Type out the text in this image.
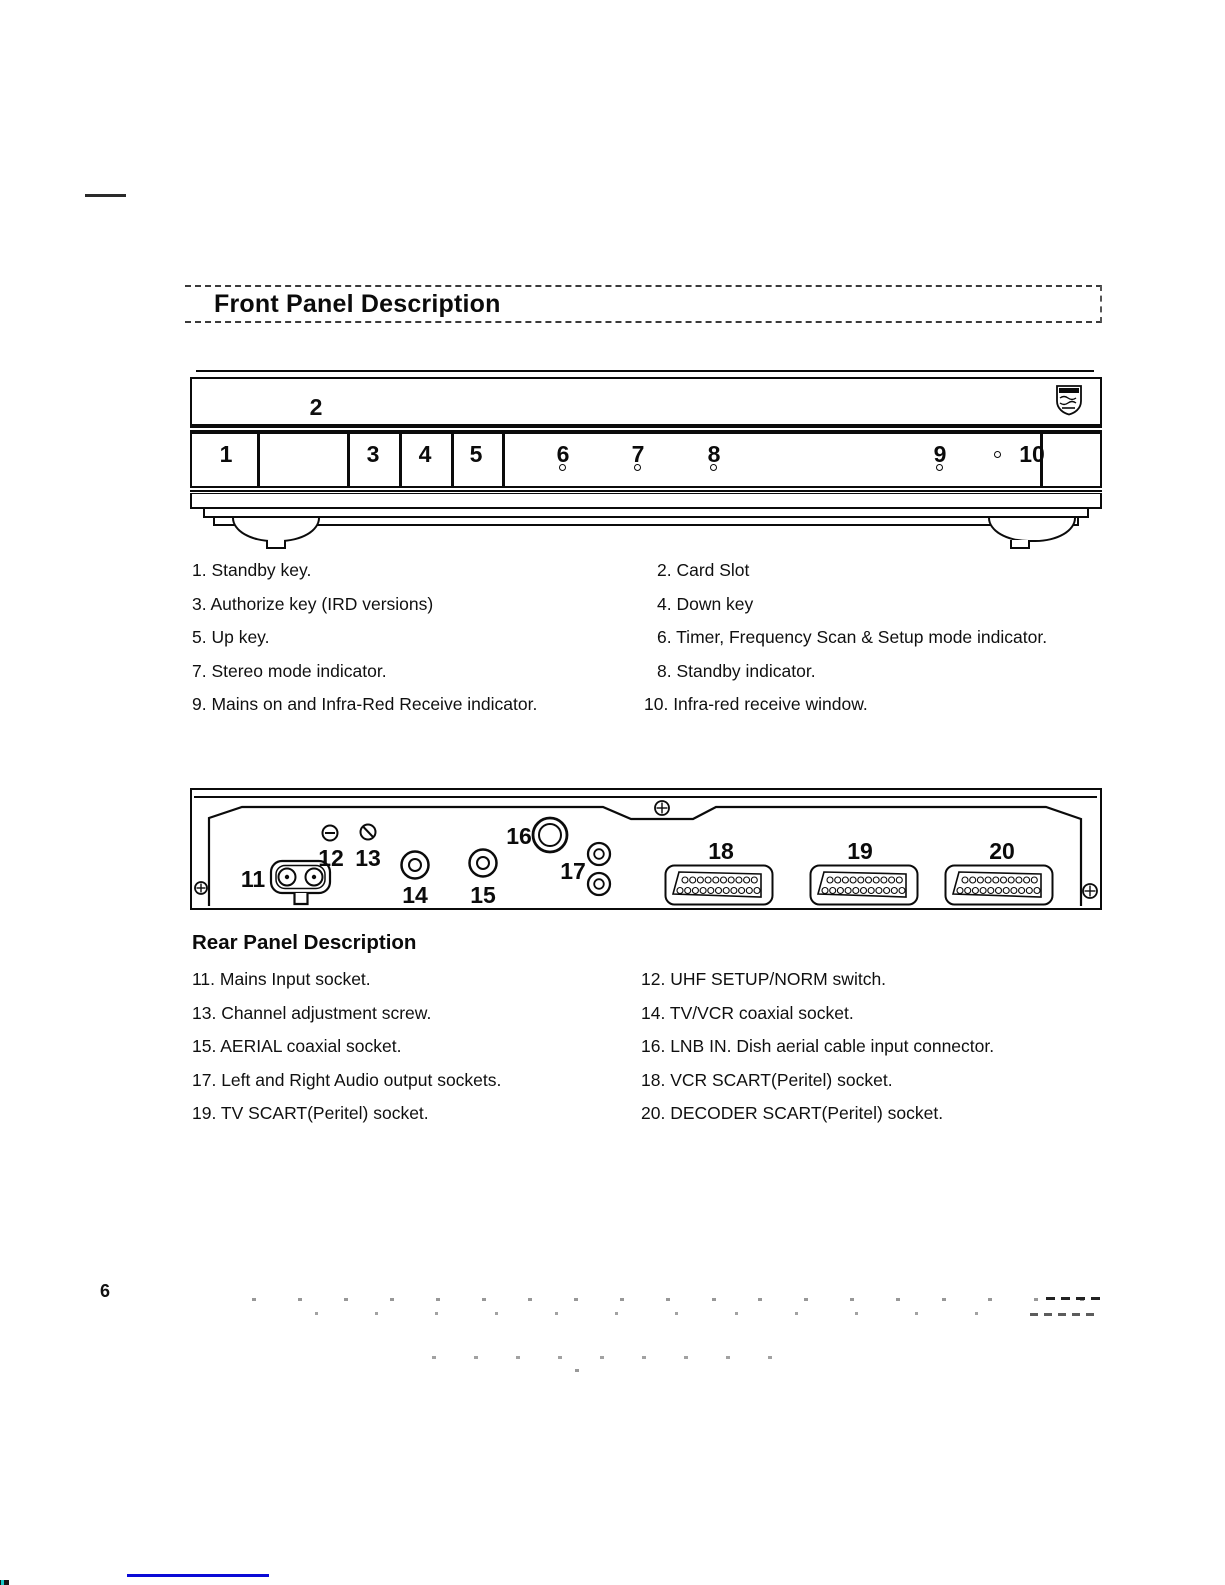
Front Panel Description
2
1	3	4	5	6	7	8	9	10
1. Standby key.
3. Authorize key (IRD versions)
5. Up key.
7. Stereo mode indicator.
9. Mains on and Infra-Red Receive indicator.
2. Card Slot
4. Down key
6. Timer, Frequency Scan & Setup mode indicator.
8. Standby indicator.
10. Infra-red receive window.
11
12 13
14 15
16
17
18	19	20
Rear Panel Description
11. Mains Input socket.
13. Channel adjustment screw.
15. AERIAL coaxial socket.
17. Left and Right Audio output sockets.
19. TV SCART(Peritel) socket.
12. UHF SETUP/NORM switch.
14. TV/VCR coaxial socket.
16. LNB IN. Dish aerial cable input connector.
18. VCR SCART(Peritel) socket.
20. DECODER SCART(Peritel) socket.
6
